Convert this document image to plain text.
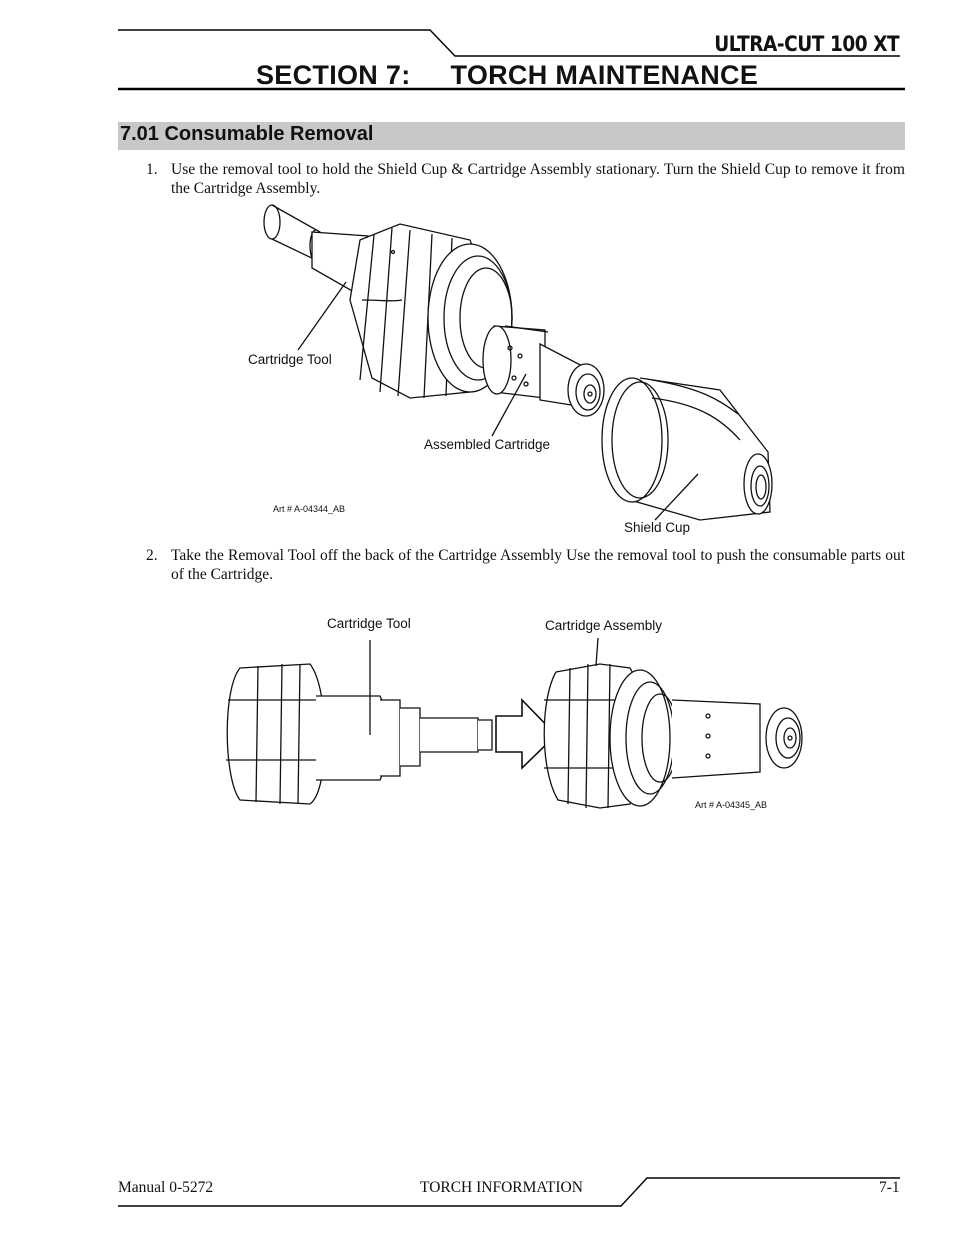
ULTRA-CUT 100 XT
SECTION 7: TORCH MAINTENANCE
7.01 Consumable Removal
1. Use the removal tool to hold the Shield Cup & Cartridge Assembly stationary. Turn the Shield Cup to remove it from the Cartridge Assembly.
Cartridge Tool
Assembled Cartridge
Shield Cup
Art # A-04344_AB
2. Take the Removal Tool off the back of the Cartridge Assembly Use the removal tool to push the consumable parts out of the Cartridge.
Cartridge Tool	Cartridge Assembly
Art # A-04345_AB
Manual 0-5272	TORCH INFORMATION	7-1
